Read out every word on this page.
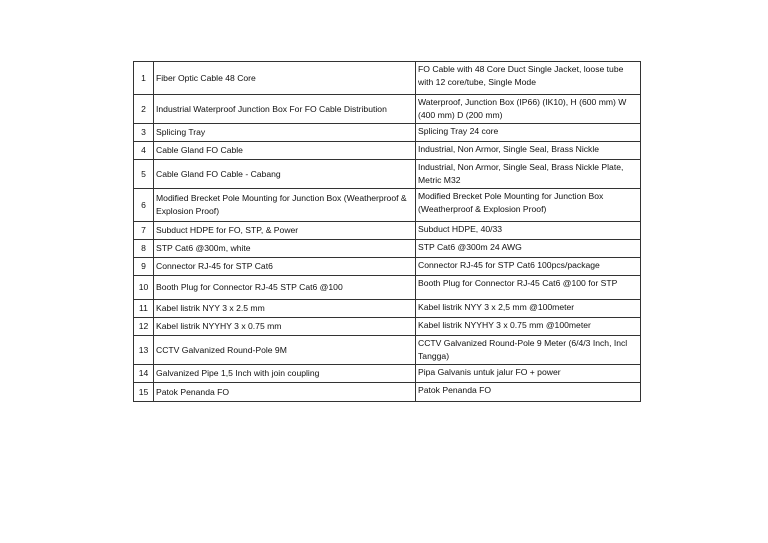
1	Fiber Optic Cable 48 Core	FO Cable with 48 Core Duct Single Jacket, loose tube with 12 core/tube, Single Mode
2	Industrial Waterproof Junction Box For FO Cable Distribution	Waterproof, Junction Box (IP66) (IK10), H (600 mm) W (400 mm) D (200 mm)
3	Splicing Tray	Splicing Tray 24 core
4	Cable Gland FO Cable	Industrial, Non Armor, Single Seal, Brass Nickle
5	Cable Gland FO Cable - Cabang	Industrial, Non Armor, Single Seal, Brass Nickle Plate, Metric M32
6	Modified Brecket Pole Mounting for Junction Box (Weatherproof & Explosion Proof)	Modified Brecket Pole Mounting for Junction Box (Weatherproof & Explosion Proof)
7	Subduct HDPE for FO, STP, & Power	Subduct HDPE, 40/33
8	STP Cat6 @300m, white	STP Cat6 @300m 24 AWG
9	Connector RJ-45 for STP Cat6	Connector RJ-45 for STP Cat6 100pcs/package
10	Booth Plug for Connector RJ-45 STP Cat6 @100	Booth Plug for Connector RJ-45 Cat6 @100 for STP
11	Kabel listrik NYY 3 x 2.5 mm	Kabel listrik NYY 3 x 2,5 mm @100meter
12	Kabel listrik NYYHY 3 x 0.75 mm	Kabel listrik NYYHY 3 x 0.75 mm @100meter
13	CCTV Galvanized Round-Pole 9M	CCTV Galvanized Round-Pole 9 Meter (6/4/3 Inch, Incl Tangga)
14	Galvanized Pipe 1,5 Inch with join coupling	Pipa Galvanis untuk jalur FO + power
15	Patok Penanda FO	Patok Penanda FO
